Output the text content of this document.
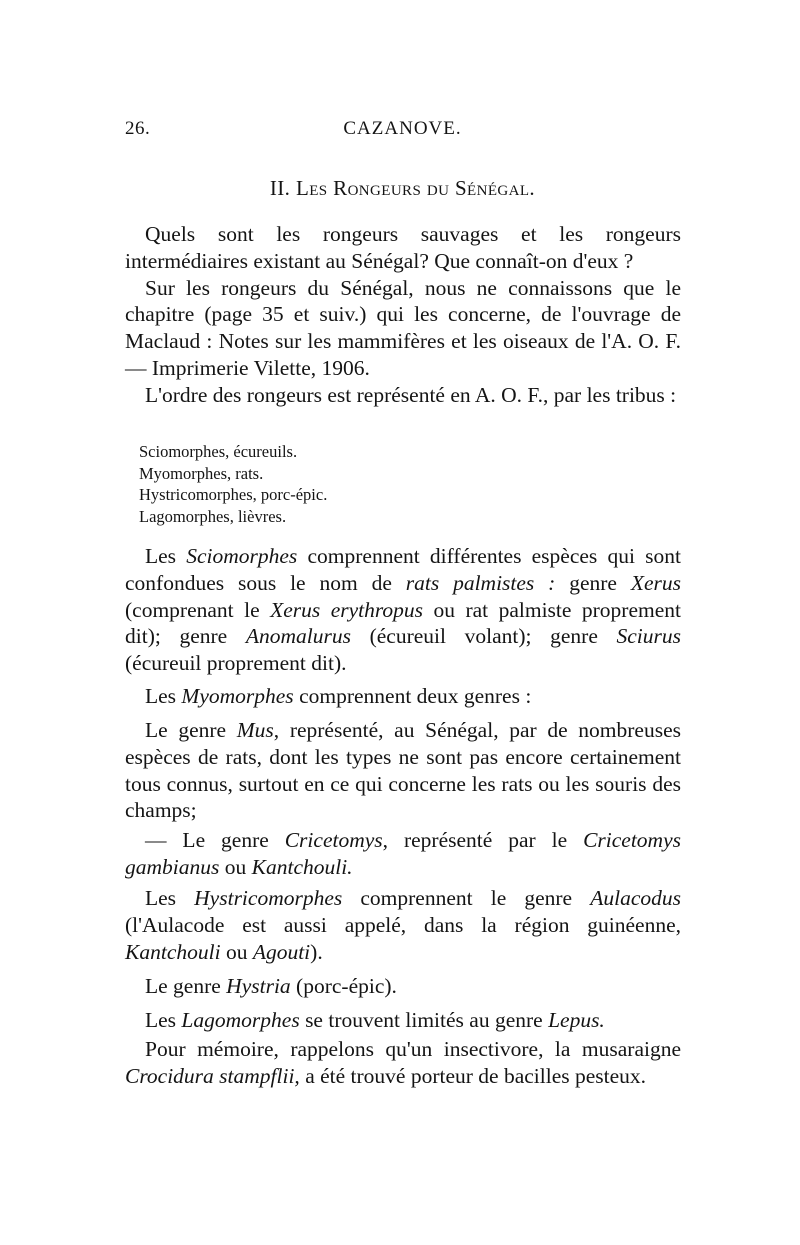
26.	CAZANOVE.
II. Les Rongeurs du Sénégal.

Quels sont les rongeurs sauvages et les rongeurs intermédiaires existant au Sénégal? Que connaît-on d'eux ?

Sur les rongeurs du Sénégal, nous ne connaissons que le chapitre (page 35 et suiv.) qui les concerne, de l'ouvrage de Maclaud : Notes sur les mammifères et les oiseaux de l'A. O. F. — Imprimerie Vilette, 1906.

L'ordre des rongeurs est représenté en A. O. F., par les tribus :

Sciomorphes, écureuils.
Myomorphes, rats.
Hystricomorphes, porc-épic.
Lagomorphes, lièvres.

Les Sciomorphes comprennent différentes espèces qui sont confondues sous le nom de rats palmistes : genre Xerus (comprenant le Xerus erythropus ou rat palmiste proprement dit); genre Anomalurus (écureuil volant); genre Sciurus (écureuil proprement dit).

Les Myomorphes comprennent deux genres :

Le genre Mus, représenté, au Sénégal, par de nombreuses espèces de rats, dont les types ne sont pas encore certainement tous connus, surtout en ce qui concerne les rats ou les souris des champs;

— Le genre Cricetomys, représenté par le Cricetomys gambianus ou Kantchouli.

Les Hystricomorphes comprennent le genre Aulacodus (l'Aulacode est aussi appelé, dans la région guinéenne, Kantchouli ou Agouti).

Le genre Hystria (porc-épic).

Les Lagomorphes se trouvent limités au genre Lepus.

Pour mémoire, rappelons qu'un insectivore, la musaraigne Crocidura stampflii, a été trouvé porteur de bacilles pesteux.
